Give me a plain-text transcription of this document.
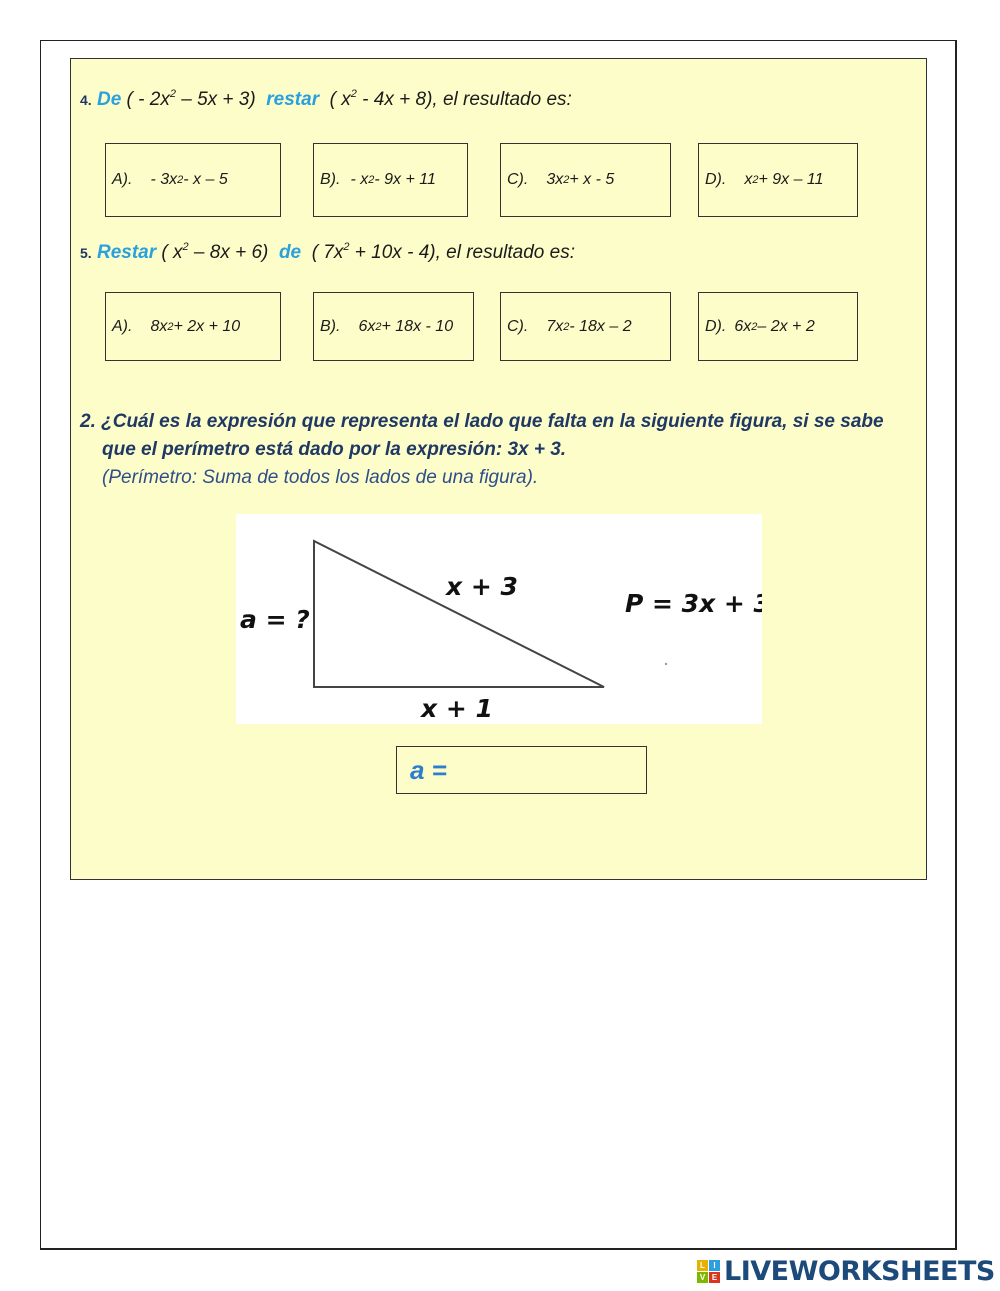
4. De ( - $2x^2 - 5x + 3$) restar ( $x^2 - 4x + 8$), el resultado es:
A). - 3x 2 - x – 5	B). - x 2 - 9x + 11	C). 3x 2 + x - 5	D). x 2 + 9x – 11
5. Restar ( $x^2 - 8x + 6$) de ( $7x^2 + 10x - 4$), el resultado es:
A). 8x 2 + 2x + 10	B). 6x 2 + 18x - 10	C). 7x 2 - 18x – 2	D). 6x 2 – 2x + 2
2. ¿Cuál es la expresión que representa el lado que falta en la siguiente figura, si se sabe
que el perímetro está dado por la expresión: 3x + 3.
(Perímetro: Suma de todos los lados de una figura).
x + 3
x + 1
a = ?
P = 3x + 3
a =
L	I
V E LIVEWORKSHEETS
